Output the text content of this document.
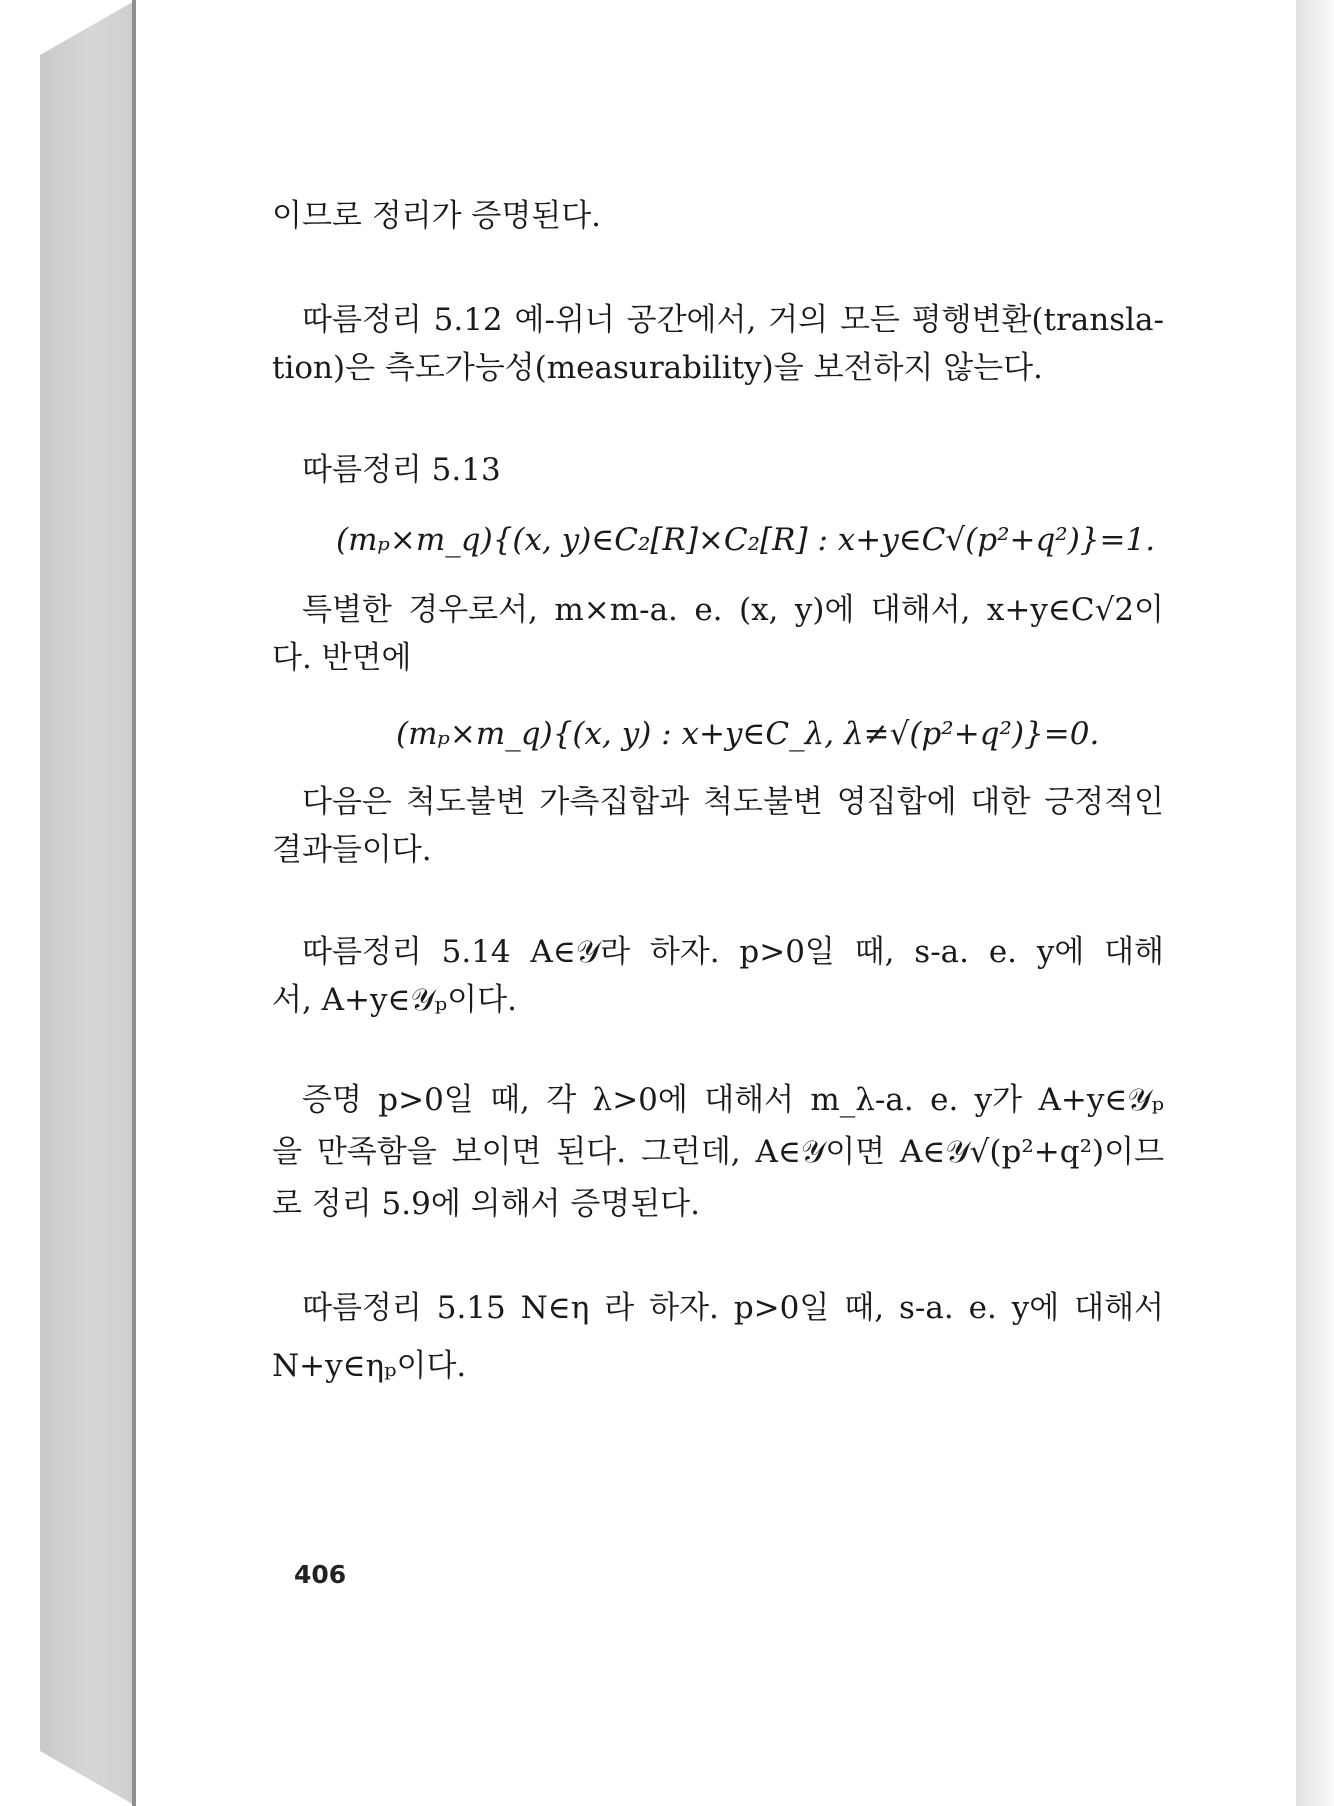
이므로 정리가 증명된다.
따름정리 5.12 예-위너 공간에서, 거의 모든 평행변환(transla-
tion)은 측도가능성(measurability)을 보전하지 않는다.
따름정리 5.13
(mₚ×m_q){(x, y)∈C₂[R]×C₂[R] : x+y∈C√(p²+q²)}=1.
특별한 경우로서, m×m-a. e. (x, y)에 대해서, x+y∈C√2이
다. 반면에
(mₚ×m_q){(x, y) : x+y∈C_λ, λ≠√(p²+q²)}=0.
다음은 척도불변 가측집합과 척도불변 영집합에 대한 긍정적인
결과들이다.
따름정리 5.14 A∈𝒴라 하자. p>0일 때, s-a. e. y에 대해
서, A+y∈𝒴ₚ이다.
증명 p>0일 때, 각 λ>0에 대해서 m_λ-a. e. y가 A+y∈𝒴ₚ
을 만족함을 보이면 된다. 그런데, A∈𝒴이면 A∈𝒴√(p²+q²)이므
로 정리 5.9에 의해서 증명된다.
따름정리 5.15 N∈η 라 하자. p>0일 때, s-a. e. y에 대해서
N+y∈ηₚ이다.
406
